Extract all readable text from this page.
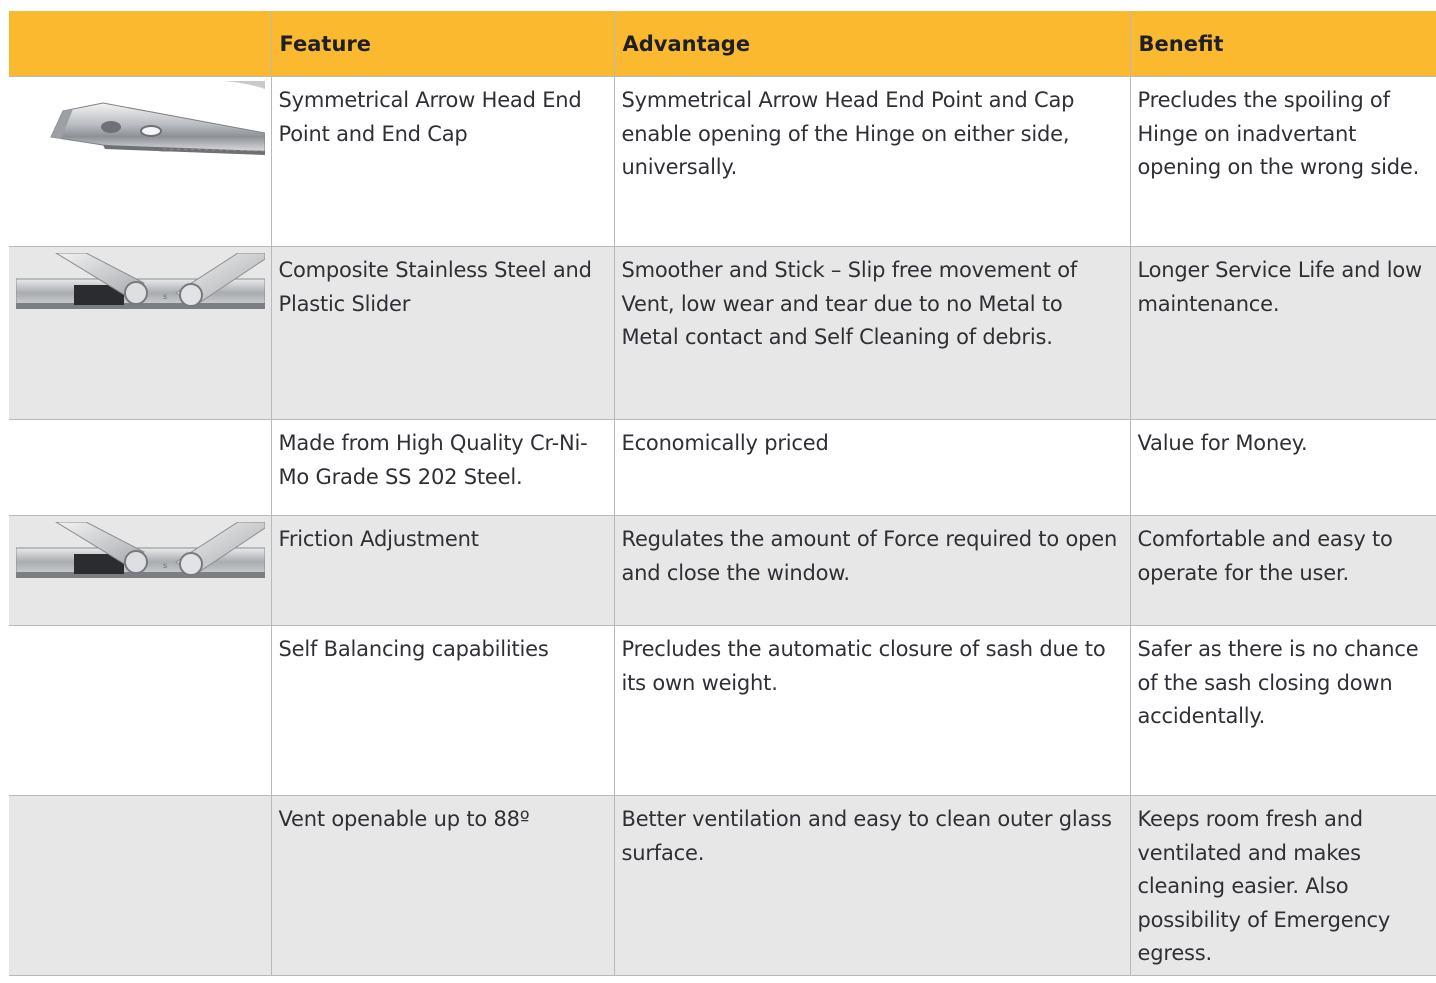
	Feature	Advantage	Benefit

	Symmetrical Arrow Head End Point and End Cap	Symmetrical Arrow Head End Point and Cap enable opening of the Hinge on either side, universally.	Precludes the spoiling of Hinge on inadvertant opening on the wrong side.

s	Composite Stainless Steel and Plastic Slider	Smoother and Stick – Slip free movement of Vent, low wear and tear due to no Metal to Metal contact and Self Cleaning of debris.	Longer Service Life and low maintenance.
	Made from High Quality Cr-Ni-Mo Grade SS 202 Steel.	Economically priced	Value for Money.

s	Friction Adjustment	Regulates the amount of Force required to open and close the window.	Comfortable and easy to operate for the user.
	Self Balancing capabilities	Precludes the automatic closure of sash due to its own weight.	Safer as there is no chance of the sash closing down accidentally.
	Vent openable up to 88º	Better ventilation and easy to clean outer glass surface.	Keeps room fresh and ventilated and makes cleaning easier. Also possibility of Emergency egress.
